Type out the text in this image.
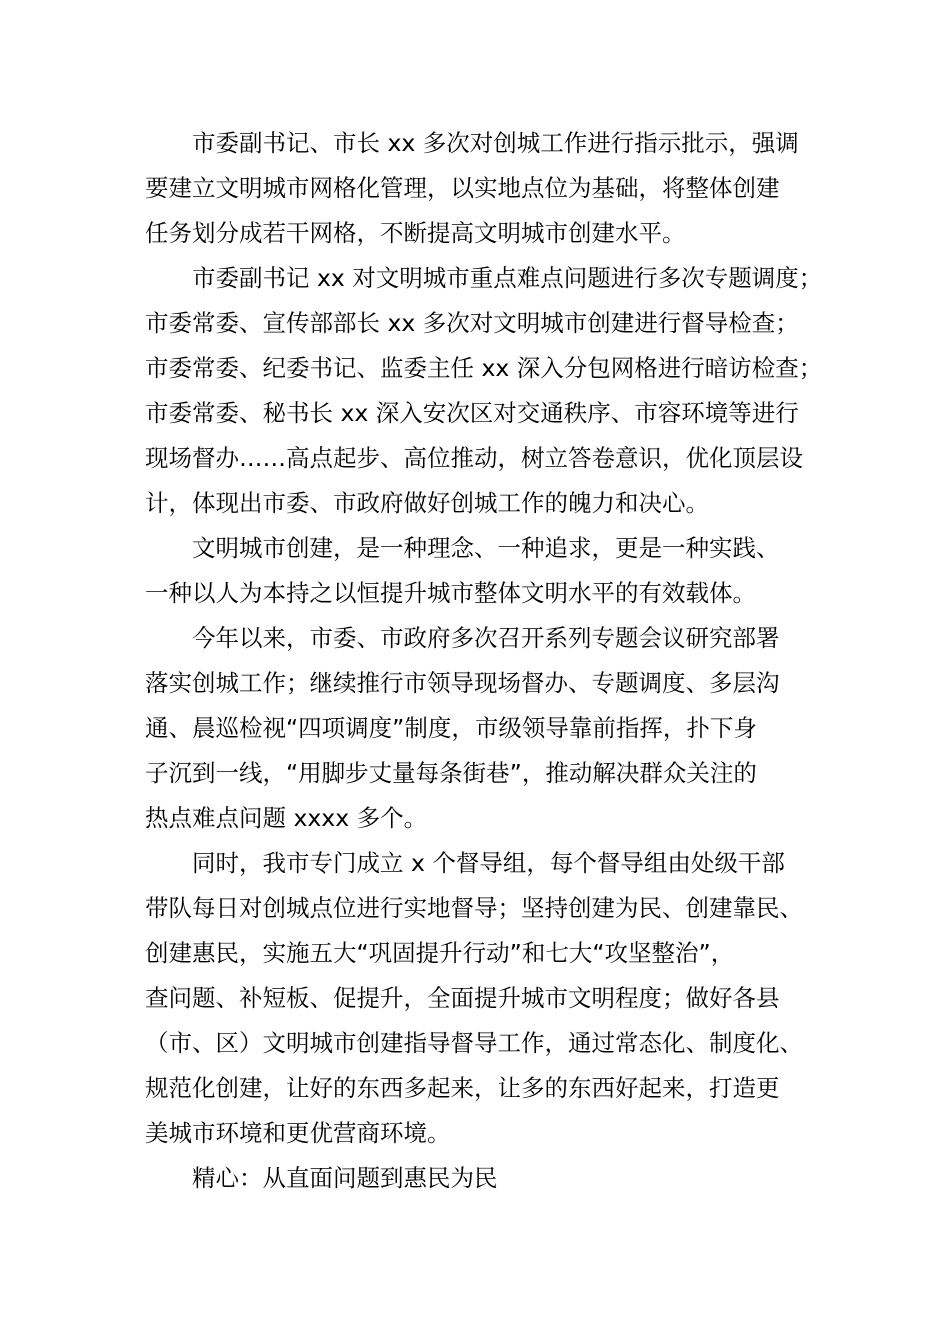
市委副书记、市长 xx 多次对创城工作进行指示批示，强调
要建立文明城市网格化管理，以实地点位为基础，将整体创建
任务划分成若干网格，不断提高文明城市创建水平。
市委副书记 xx 对文明城市重点难点问题进行多次专题调度；
市委常委、宣传部部长 xx 多次对文明城市创建进行督导检查；
市委常委、纪委书记、监委主任 xx 深入分包网格进行暗访检查；
市委常委、秘书长 xx 深入安次区对交通秩序、市容环境等进行
现场督办……高点起步、高位推动，树立答卷意识，优化顶层设
计，体现出市委、市政府做好创城工作的魄力和决心。
文明城市创建，是一种理念、一种追求，更是一种实践、
一种以人为本持之以恒提升城市整体文明水平的有效载体。
今年以来，市委、市政府多次召开系列专题会议研究部署
落实创城工作；继续推行市领导现场督办、专题调度、多层沟
通、晨巡检视“四项调度”制度，市级领导靠前指挥，扑下身
子沉到一线，“用脚步丈量每条街巷”，推动解决群众关注的
热点难点问题 xxxx 多个。
同时，我市专门成立 x 个督导组，每个督导组由处级干部
带队每日对创城点位进行实地督导；坚持创建为民、创建靠民、
创建惠民，实施五大“巩固提升行动”和七大“攻坚整治”，
查问题、补短板、促提升，全面提升城市文明程度；做好各县
（市、区）文明城市创建指导督导工作，通过常态化、制度化、
规范化创建，让好的东西多起来，让多的东西好起来，打造更
美城市环境和更优营商环境。
精心：从直面问题到惠民为民
